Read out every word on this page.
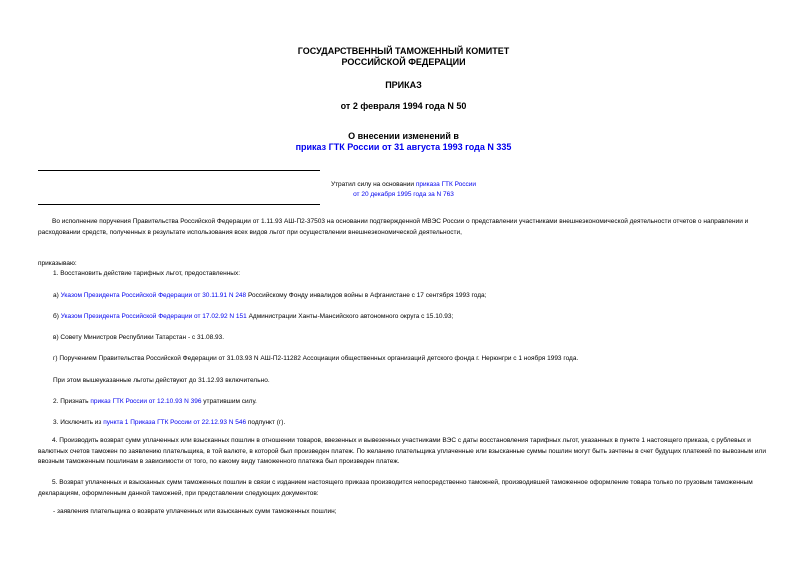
ГОСУДАРСТВЕННЫЙ ТАМОЖЕННЫЙ КОМИТЕТ
РОССИЙСКОЙ ФЕДЕРАЦИИ
ПРИКАЗ
от 2 февраля 1994 года N 50
О внесении изменений в
приказ ГТК России от 31 августа 1993 года N 335
Утратил силу на основании приказа ГТК России
от 20 декабря 1995 года за N 763
Во исполнение поручения Правительства Российской Федерации от 1.11.93 АШ-П2-37503 на основании подтвержденной МВЭС России о представлении участниками внешнеэкономической деятельности отчетов о направлении и расходовании средств, полученных в результате использования всех видов льгот при осуществлении внешнеэкономической деятельности,
приказываю:
1. Восстановить действие тарифных льгот, предоставленных:
а) Указом Президента Российской Федерации от 30.11.91 N 248 Российскому Фонду инвалидов войны в Афганистане с 17 сентября 1993 года;
б) Указом Президента Российской Федерации от 17.02.92 N 151 Администрации Ханты-Мансийского автономного округа с 15.10.93;
в) Совету Министров Республики Татарстан - с 31.08.93.
г) Поручением Правительства Российской Федерации от 31.03.93 N АШ-П2-11282 Ассоциации общественных организаций детского фонда г. Нерюнгри с 1 ноября 1993 года.
При этом вышеуказанные льготы действуют до 31.12.93 включительно.
2. Признать приказ ГТК России от 12.10.93 N 396 утратившим силу.
3. Исключить из пункта 1 Приказа ГТК России от 22.12.93 N 546 подпункт (г).
4. Производить возврат сумм уплаченных или взысканных пошлин в отношении товаров, ввезенных и вывезенных участниками ВЭС с даты восстановления тарифных льгот, указанных в пункте 1 настоящего приказа, с рублевых и валютных счетов таможен по заявлению плательщика, в той валюте, в которой был произведен платеж. По желанию плательщика уплаченные или взысканные суммы пошлин могут быть зачтены в счет будущих платежей по вывозным или ввозным таможенным пошлинам в зависимости от того, по какому виду таможенного платежа был произведен платеж.
5. Возврат уплаченных и взысканных сумм таможенных пошлин в связи с изданием настоящего приказа производится непосредственно таможней, производившей таможенное оформление товара только по грузовым таможенным декларациям, оформленным данной таможней, при представлении следующих документов:
- заявления плательщика о возврате уплаченных или взысканных сумм таможенных пошлин;
